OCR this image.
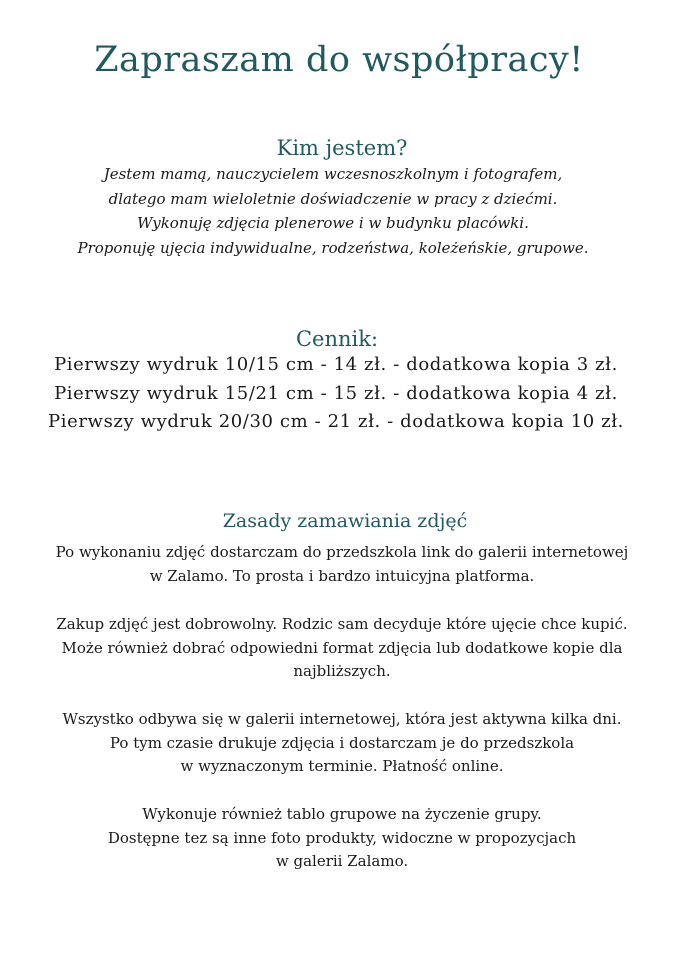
Zapraszam do współpracy!
Kim jestem?

Jestem mamą, nauczycielem wczesnoszkolnym i fotografem,
dlatego mam wieloletnie doświadczenie w pracy z dziećmi.
Wykonuję zdjęcia plenerowe i w budynku placówki.
Proponuję ujęcia indywidualne, rodzeństwa, koleżeńskie, grupowe.

Cennik:

Pierwszy wydruk 10/15 cm - 14 zł. - dodatkowa kopia 3 zł.
Pierwszy wydruk 15/21 cm - 15 zł. - dodatkowa kopia 4 zł.
Pierwszy wydruk 20/30 cm - 21 zł. - dodatkowa kopia 10 zł.

Zasady zamawiania zdjęć

Po wykonaniu zdjęć dostarczam do przedszkola link do galerii internetowej
w Zalamo. To prosta i bardzo intuicyjna platforma.

Zakup zdjęć jest dobrowolny. Rodzic sam decyduje które ujęcie chce kupić.
Może również dobrać odpowiedni format zdjęcia lub dodatkowe kopie dla
najbliższych.

Wszystko odbywa się w galerii internetowej, która jest aktywna kilka dni.
Po tym czasie drukuje zdjęcia i dostarczam je do przedszkola
w wyznaczonym terminie. Płatność online.

Wykonuje również tablo grupowe na życzenie grupy.
Dostępne tez są inne foto produkty, widoczne w propozycjach
w galerii Zalamo.
